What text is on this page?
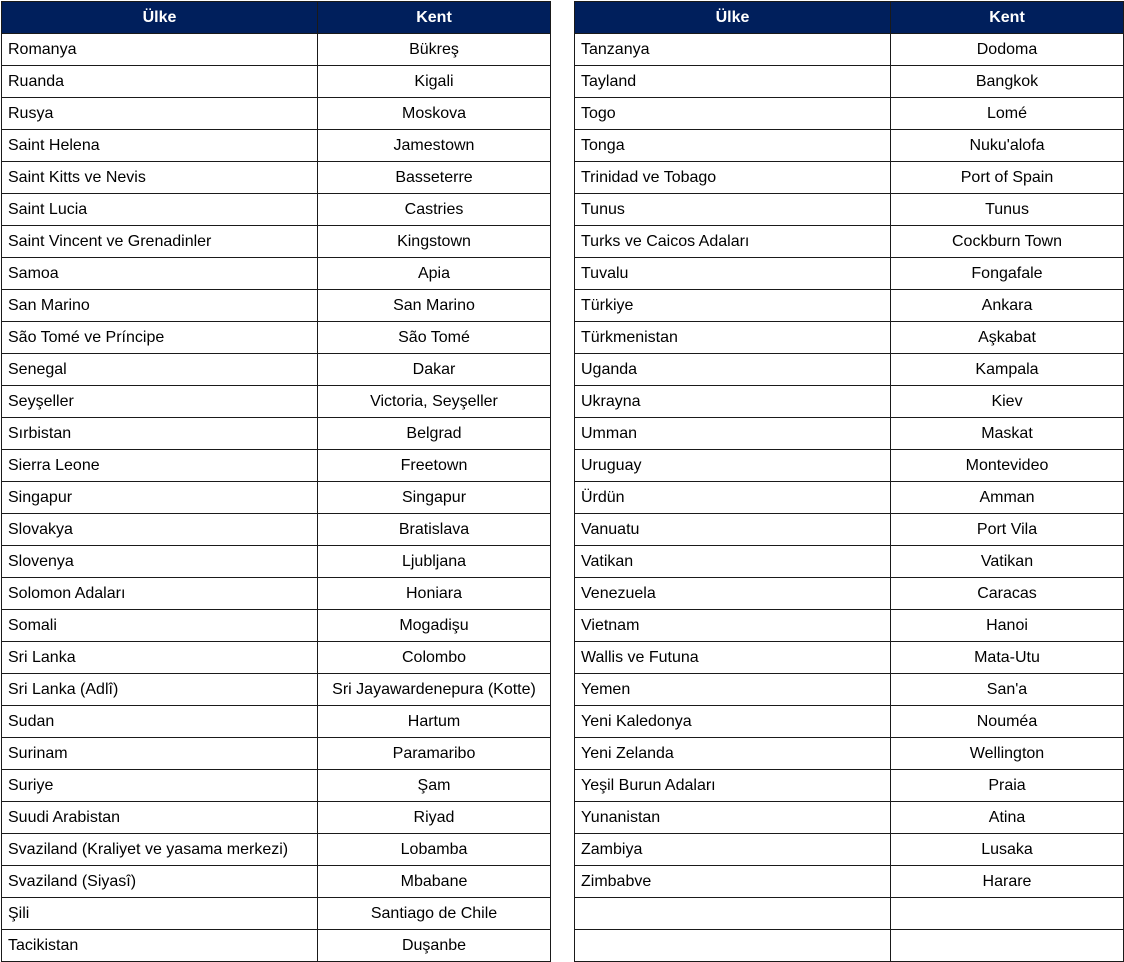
Ülke	Kent
Romanya	Bükreş
Ruanda	Kigali
Rusya	Moskova
Saint Helena	Jamestown
Saint Kitts ve Nevis	Basseterre
Saint Lucia	Castries
Saint Vincent ve Grenadinler	Kingstown
Samoa	Apia
San Marino	San Marino
São Tomé ve Príncipe	São Tomé
Senegal	Dakar
Seyşeller	Victoria, Seyşeller
Sırbistan	Belgrad
Sierra Leone	Freetown
Singapur	Singapur
Slovakya	Bratislava
Slovenya	Ljubljana
Solomon Adaları	Honiara
Somali	Mogadişu
Sri Lanka	Colombo
Sri Lanka (Adlî)	Sri Jayawardenepura (Kotte)
Sudan	Hartum
Surinam	Paramaribo
Suriye	Şam
Suudi Arabistan	Riyad
Svaziland (Kraliyet ve yasama merkezi)	Lobamba
Svaziland (Siyasî)	Mbabane
Şili	Santiago de Chile
Tacikistan	Duşanbe
Ülke	Kent
Tanzanya	Dodoma
Tayland	Bangkok
Togo	Lomé
Tonga	Nuku'alofa
Trinidad ve Tobago	Port of Spain
Tunus	Tunus
Turks ve Caicos Adaları	Cockburn Town
Tuvalu	Fongafale
Türkiye	Ankara
Türkmenistan	Aşkabat
Uganda	Kampala
Ukrayna	Kiev
Umman	Maskat
Uruguay	Montevideo
Ürdün	Amman
Vanuatu	Port Vila
Vatikan	Vatikan
Venezuela	Caracas
Vietnam	Hanoi
Wallis ve Futuna	Mata-Utu
Yemen	San'a
Yeni Kaledonya	Nouméa
Yeni Zelanda	Wellington
Yeşil Burun Adaları	Praia
Yunanistan	Atina
Zambiya	Lusaka
Zimbabve	Harare
